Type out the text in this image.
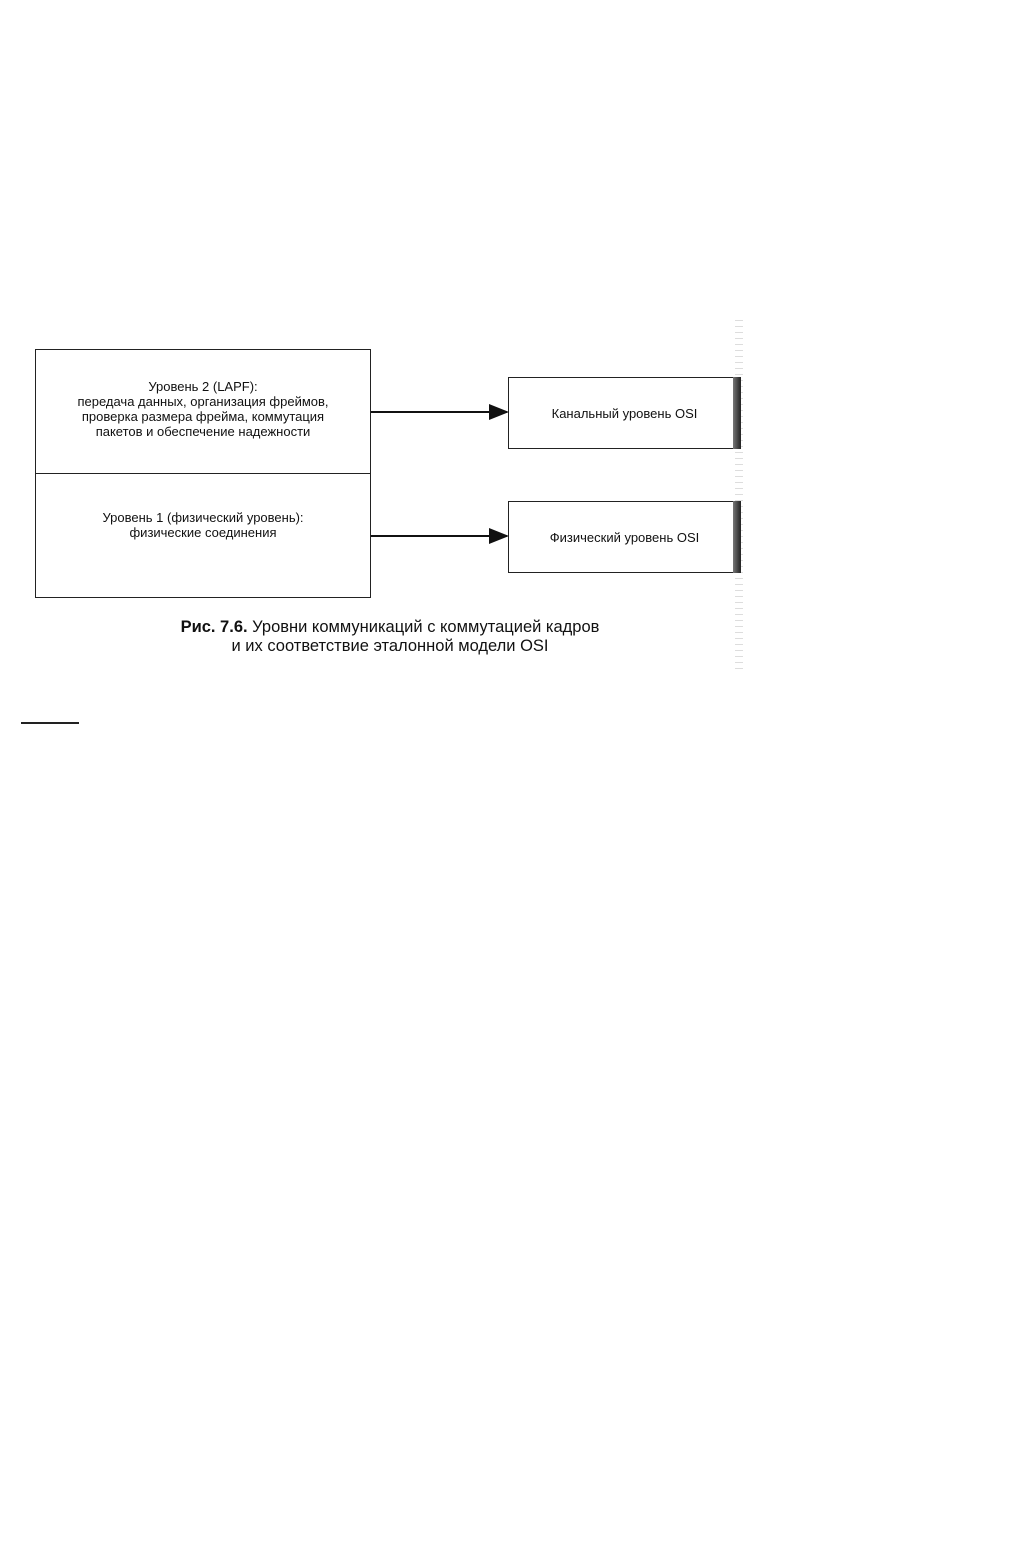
Уровень 2 (LAPF):
передача данных, организация фреймов,
проверка размера фрейма, коммутация
пакетов и обеспечение надежности
Уровень 1 (физический уровень):
физические соединения
Канальный уровень OSI
Физический уровень OSI
Рис. 7.6. Уровни коммуникаций с коммутацией кадров
и их соответствие эталонной модели OSI
